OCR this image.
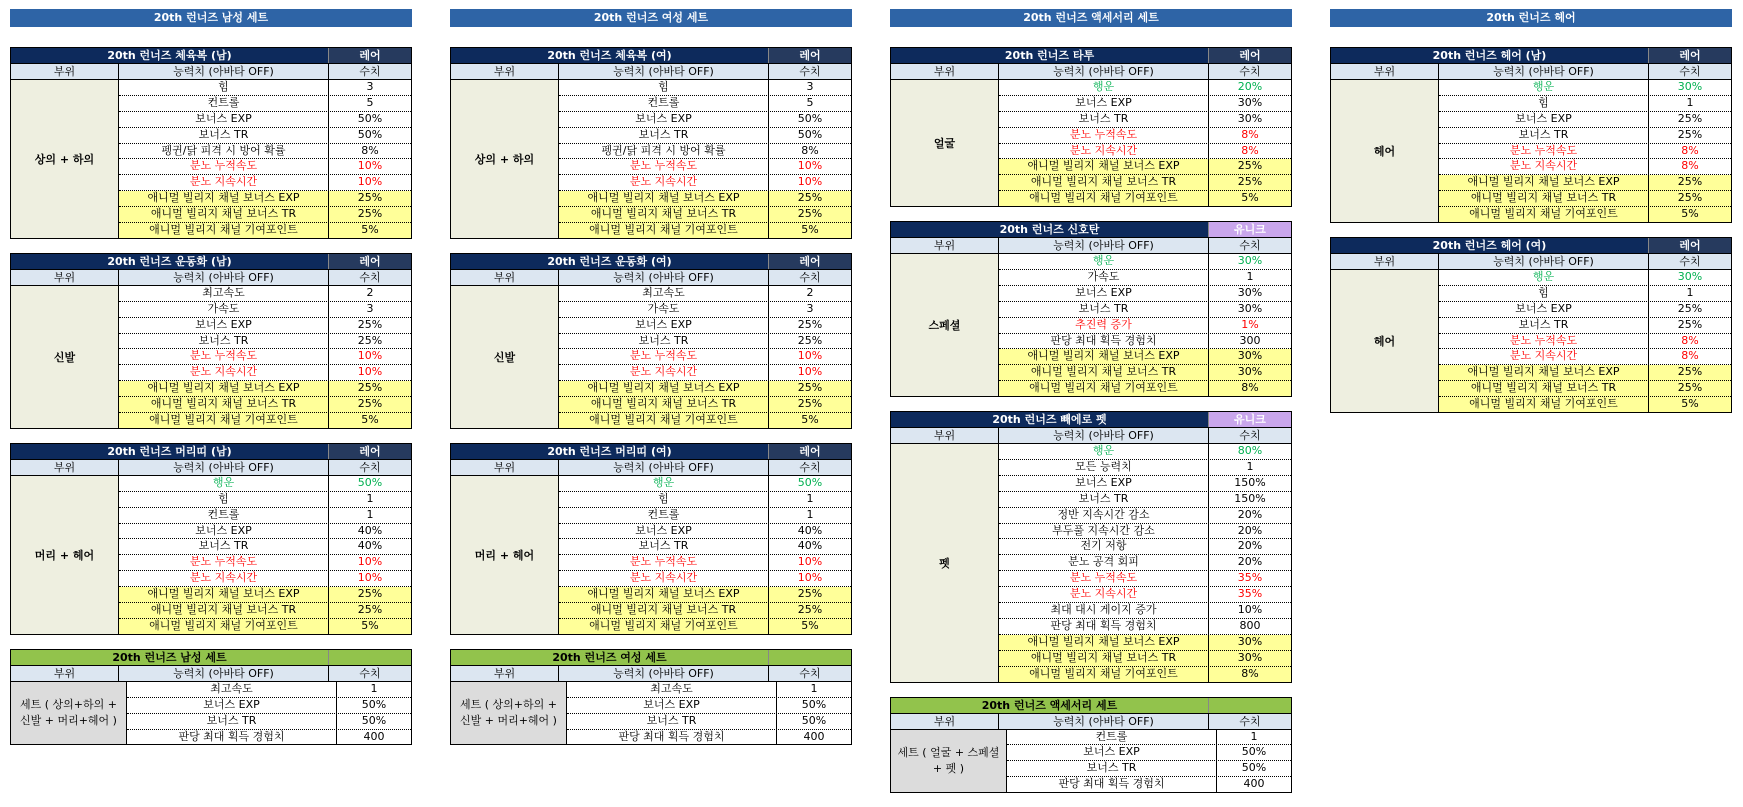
20th 런너즈 남성 세트
20th 런너즈 체육복 (남)	레어
부위	능력치 (아바타 OFF)	수치
상의 + 하의
힘	3
컨트롤	5
보너스 EXP	50%
보너스 TR	50%
펭귄/닭 피격 시 방어 확률	8%
분노 누적속도	10%
분노 지속시간	10%
애니멀 빌리지 채널 보너스 EXP	25%
애니멀 빌리지 채널 보너스 TR	25%
애니멀 빌리지 채널 기여포인트	5%
20th 런너즈 운동화 (남)	레어
부위	능력치 (아바타 OFF)	수치
신발
최고속도	2
가속도	3
보너스 EXP	25%
보너스 TR	25%
분노 누적속도	10%
분노 지속시간	10%
애니멀 빌리지 채널 보너스 EXP	25%
애니멀 빌리지 채널 보너스 TR	25%
애니멀 빌리지 채널 기여포인트	5%
20th 런너즈 머리띠 (남)	레어
부위	능력치 (아바타 OFF)	수치
머리 + 헤어
행운	50%
힘	1
컨트롤	1
보너스 EXP	40%
보너스 TR	40%
분노 누적속도	10%
분노 지속시간	10%
애니멀 빌리지 채널 보너스 EXP	25%
애니멀 빌리지 채널 보너스 TR	25%
애니멀 빌리지 채널 기여포인트	5%
20th 런너즈 남성 세트
부위	능력치 (아바타 OFF)	수치
세트 ( 상의+하의 + 신발 + 머리+헤어 )
최고속도	1
보너스 EXP	50%
보너스 TR	50%
판당 최대 획득 경험치	400
20th 런너즈 여성 세트
20th 런너즈 체육복 (여)	레어
부위	능력치 (아바타 OFF)	수치
상의 + 하의
힘	3
컨트롤	5
보너스 EXP	50%
보너스 TR	50%
펭귄/닭 피격 시 방어 확률	8%
분노 누적속도	10%
분노 지속시간	10%
애니멀 빌리지 채널 보너스 EXP	25%
애니멀 빌리지 채널 보너스 TR	25%
애니멀 빌리지 채널 기여포인트	5%
20th 런너즈 운동화 (여)	레어
부위	능력치 (아바타 OFF)	수치
신발
최고속도	2
가속도	3
보너스 EXP	25%
보너스 TR	25%
분노 누적속도	10%
분노 지속시간	10%
애니멀 빌리지 채널 보너스 EXP	25%
애니멀 빌리지 채널 보너스 TR	25%
애니멀 빌리지 채널 기여포인트	5%
20th 런너즈 머리띠 (여)	레어
부위	능력치 (아바타 OFF)	수치
머리 + 헤어
행운	50%
힘	1
컨트롤	1
보너스 EXP	40%
보너스 TR	40%
분노 누적속도	10%
분노 지속시간	10%
애니멀 빌리지 채널 보너스 EXP	25%
애니멀 빌리지 채널 보너스 TR	25%
애니멀 빌리지 채널 기여포인트	5%
20th 런너즈 여성 세트
부위	능력치 (아바타 OFF)	수치
세트 ( 상의+하의 + 신발 + 머리+헤어 )
최고속도	1
보너스 EXP	50%
보너스 TR	50%
판당 최대 획득 경험치	400
20th 런너즈 액세서리 세트
20th 런너즈 타투	레어
부위	능력치 (아바타 OFF)	수치
얼굴
행운	20%
보너스 EXP	30%
보너스 TR	30%
분노 누적속도	8%
분노 지속시간	8%
애니멀 빌리지 채널 보너스 EXP	25%
애니멀 빌리지 채널 보너스 TR	25%
애니멀 빌리지 채널 기여포인트	5%
20th 런너즈 신호탄	유니크
부위	능력치 (아바타 OFF)	수치
스페셜
행운	30%
가속도	1
보너스 EXP	30%
보너스 TR	30%
추진력 증가	1%
판당 최대 획득 경험치	300
애니멀 빌리지 채널 보너스 EXP	30%
애니멀 빌리지 채널 보너스 TR	30%
애니멀 빌리지 채널 기여포인트	8%
20th 런너즈 빼에로 펫	유니크
부위	능력치 (아바타 OFF)	수치
펫
행운	80%
모든 능력치	1
보너스 EXP	150%
보너스 TR	150%
정반 지속시간 감소	20%
부두풀 지속시간 감소	20%
전기 저항	20%
분노 공격 회피	20%
분노 누적속도	35%
분노 지속시간	35%
최대 대시 게이지 증가	10%
판당 최대 획득 경험치	800
애니멀 빌리지 채널 보너스 EXP	30%
애니멀 빌리지 채널 보너스 TR	30%
애니멀 빌리지 채널 기여포인트	8%
20th 런너즈 액세서리 세트
부위	능력치 (아바타 OFF)	수치
세트 ( 얼굴 + 스페셜 + 펫 )
컨트롤	1
보너스 EXP	50%
보너스 TR	50%
판당 최대 획득 경험치	400
20th 런너즈 헤어
20th 런너즈 헤어 (남)	레어
부위	능력치 (아바타 OFF)	수치
헤어
행운	30%
힘	1
보너스 EXP	25%
보너스 TR	25%
분노 누적속도	8%
분노 지속시간	8%
애니멀 빌리지 채널 보너스 EXP	25%
애니멀 빌리지 채널 보너스 TR	25%
애니멀 빌리지 채널 기여포인트	5%
20th 런너즈 헤어 (여)	레어
부위	능력치 (아바타 OFF)	수치
헤어
행운	30%
힘	1
보너스 EXP	25%
보너스 TR	25%
분노 누적속도	8%
분노 지속시간	8%
애니멀 빌리지 채널 보너스 EXP	25%
애니멀 빌리지 채널 보너스 TR	25%
애니멀 빌리지 채널 기여포인트	5%
